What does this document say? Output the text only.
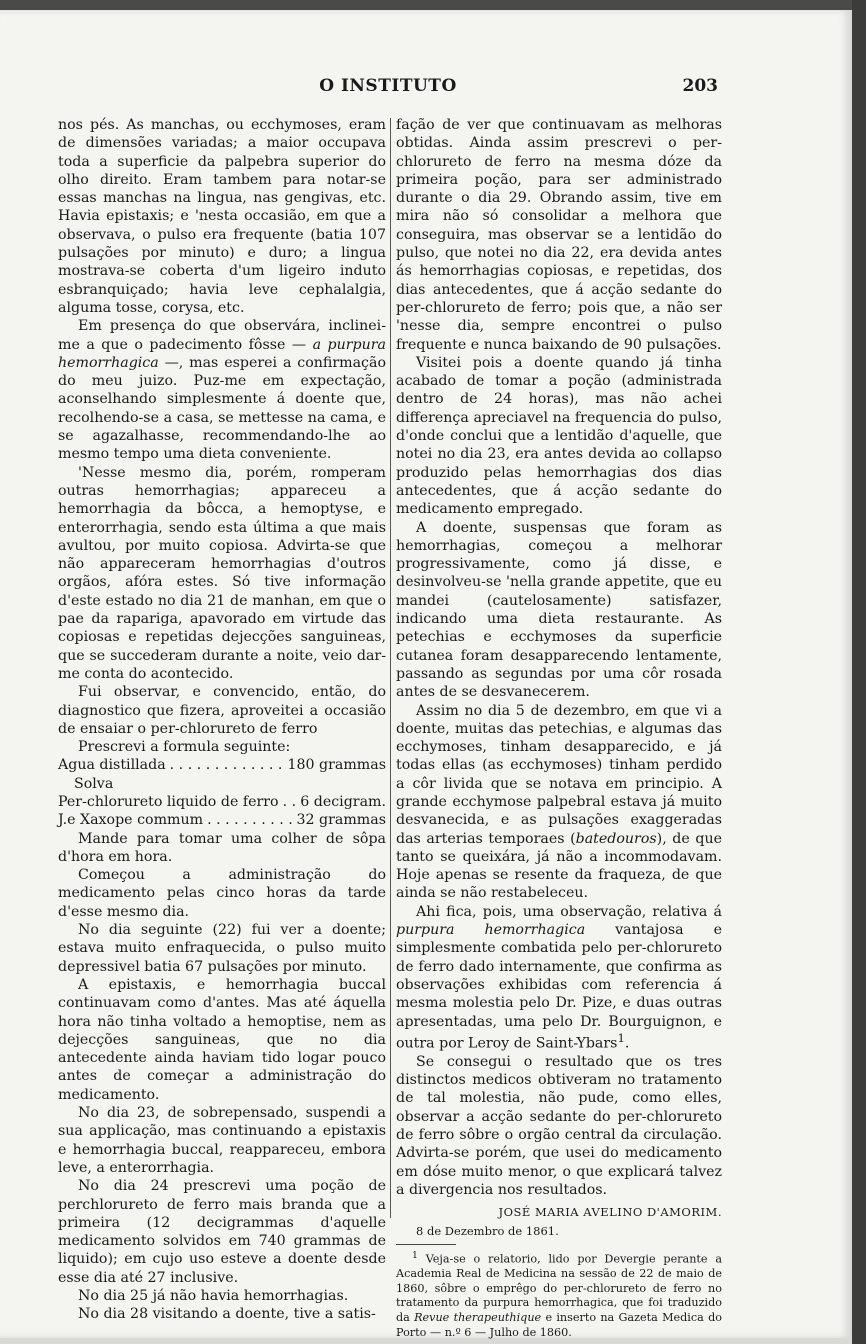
O INSTITUTO	203

nos pés. As manchas, ou ecchymoses, eram de dimensões variadas; a maior occupava toda a superficie da palpebra superior do olho direito. Eram tambem para notar-se essas manchas na lingua, nas gengivas, etc. Havia epistaxis; e 'nesta occasião, em que a observava, o pulso era frequente (batia 107 pulsações por minuto) e duro; a lingua mostrava-se coberta d'um ligeiro induto esbranquiçado; havia leve cephalalgia, alguma tosse, corysa, etc.

Em presença do que observára, inclinei-me a que o padecimento fôsse — a purpura hemorrhagica —, mas esperei a confirmação do meu juizo. Puz-me em expectação, aconselhando simplesmente á doente que, recolhendo-se a casa, se mettesse na cama, e se agazalhasse, recommendando-lhe ao mesmo tempo uma dieta conveniente.

'Nesse mesmo dia, porém, romperam outras hemorrhagias; appareceu a hemorrhagia da bôcca, a hemoptyse, e enterorrhagia, sendo esta última a que mais avultou, por muito copiosa. Advirta-se que não appareceram hemorrhagias d'outros orgãos, afóra estes. Só tive informação d'este estado no dia 21 de manhan, em que o pae da rapariga, apavorado em virtude das copiosas e repetidas dejecções sanguineas, que se succederam durante a noite, veio dar-me conta do acontecido.

Fui observar, e convencido, então, do diagnostico que fizera, aproveitei a occasião de ensaiar o per-chlorureto de ferro

Prescrevi a formula seguinte:

Agua distillada . . .	180 grammas
Solva
Per-chlorureto liquido de ferro . . . 6 decigram.
J.e Xaxope commum . . .	32 grammas

Mande para tomar uma colher de sôpa d'hora em hora.

Começou a administração do medicamento pelas cinco horas da tarde d'esse mesmo dia.

No dia seguinte (22) fui ver a doente; estava muito enfraquecida, o pulso muito depressivel batia 67 pulsações por minuto.

A epistaxis, e hemorrhagia buccal continuavam como d'antes. Mas até áquella hora não tinha voltado a hemoptise, nem as dejecções sanguineas, que no dia antecedente ainda haviam tido logar pouco antes de começar a administração do medicamento.

No dia 23, de sobrepensado, suspendi a sua applicação, mas continuando a epistaxis e hemorrhagia buccal, reappareceu, embora leve, a enterorrhagia.

No dia 24 prescrevi uma poção de perchlorureto de ferro mais branda que a primeira (12 decigrammas d'aquelle medicamento solvidos em 740 grammas de liquido); em cujo uso esteve a doente desde esse dia até 27 inclusive.

No dia 25 já não havia hemorrhagias.

No dia 28 visitando a doente, tive a satis-

fação de ver que continuavam as melhoras obtidas. Ainda assim prescrevi o per-chlorureto de ferro na mesma dóze da primeira poção, para ser administrado durante o dia 29. Obrando assim, tive em mira não só consolidar a melhora que conseguira, mas observar se a lentidão do pulso, que notei no dia 22, era devida antes ás hemorrhagias copiosas, e repetidas, dos dias antecedentes, que á acção sedante do per-chlorureto de ferro; pois que, a não ser 'nesse dia, sempre encontrei o pulso frequente e nunca baixando de 90 pulsações.

Visitei pois a doente quando já tinha acabado de tomar a poção (administrada dentro de 24 horas), mas não achei differença apreciavel na frequencia do pulso, d'onde conclui que a lentidão d'aquelle, que notei no dia 23, era antes devida ao collapso produzido pelas hemorrhagias dos dias antecedentes, que á acção sedante do medicamento empregado.

A doente, suspensas que foram as hemorrhagias, começou a melhorar progressivamente, como já disse, e desinvolveu-se 'nella grande appetite, que eu mandei (cautelosamente) satisfazer, indicando uma dieta restaurante. As petechias e ecchymoses da superficie cutanea foram desapparecendo lentamente, passando as segundas por uma côr rosada antes de se desvanecerem.

Assim no dia 5 de dezembro, em que vi a doente, muitas das petechias, e algumas das ecchymoses, tinham desapparecido, e já todas ellas (as ecchymoses) tinham perdido a côr livida que se notava em principio. A grande ecchymose palpebral estava já muito desvanecida, e as pulsações exaggeradas das arterias temporaes (batedouros), de que tanto se queixára, já não a incommodavam. Hoje apenas se resente da fraqueza, de que ainda se não restabeleceu.

Ahi fica, pois, uma observação, relativa á purpura hemorrhagica vantajosa e simplesmente combatida pelo per-chlorureto de ferro dado internamente, que confirma as observações exhibidas com referencia á mesma molestia pelo Dr. Pize, e duas outras apresentadas, uma pelo Dr. Bourguignon, e outra por Leroy de Saint-Ybars$^1$.

Se consegui o resultado que os tres distinctos medicos obtiveram no tratamento de tal molestia, não pude, como elles, observar a acção sedante do per-chlorureto de ferro sôbre o orgão central da circulação. Advirta-se porém, que usei do medicamento em dóse muito menor, o que explicará talvez a divergencia nos resultados.

JOSÉ MARIA AVELINO D'AMORIM.

8 de Dezembro de 1861.

$^1$ Veja-se o relatorio, lido por Devergie perante a Academia Real de Medicina na sessão de 22 de maio de 1860, sôbre o emprêgo do per-chlorureto de ferro no tratamento da purpura hemorrhagica, que foi traduzido da Revue therapeuthique e inserto na Gazeta Medica do Porto — n.º 6 — Julho de 1860.
